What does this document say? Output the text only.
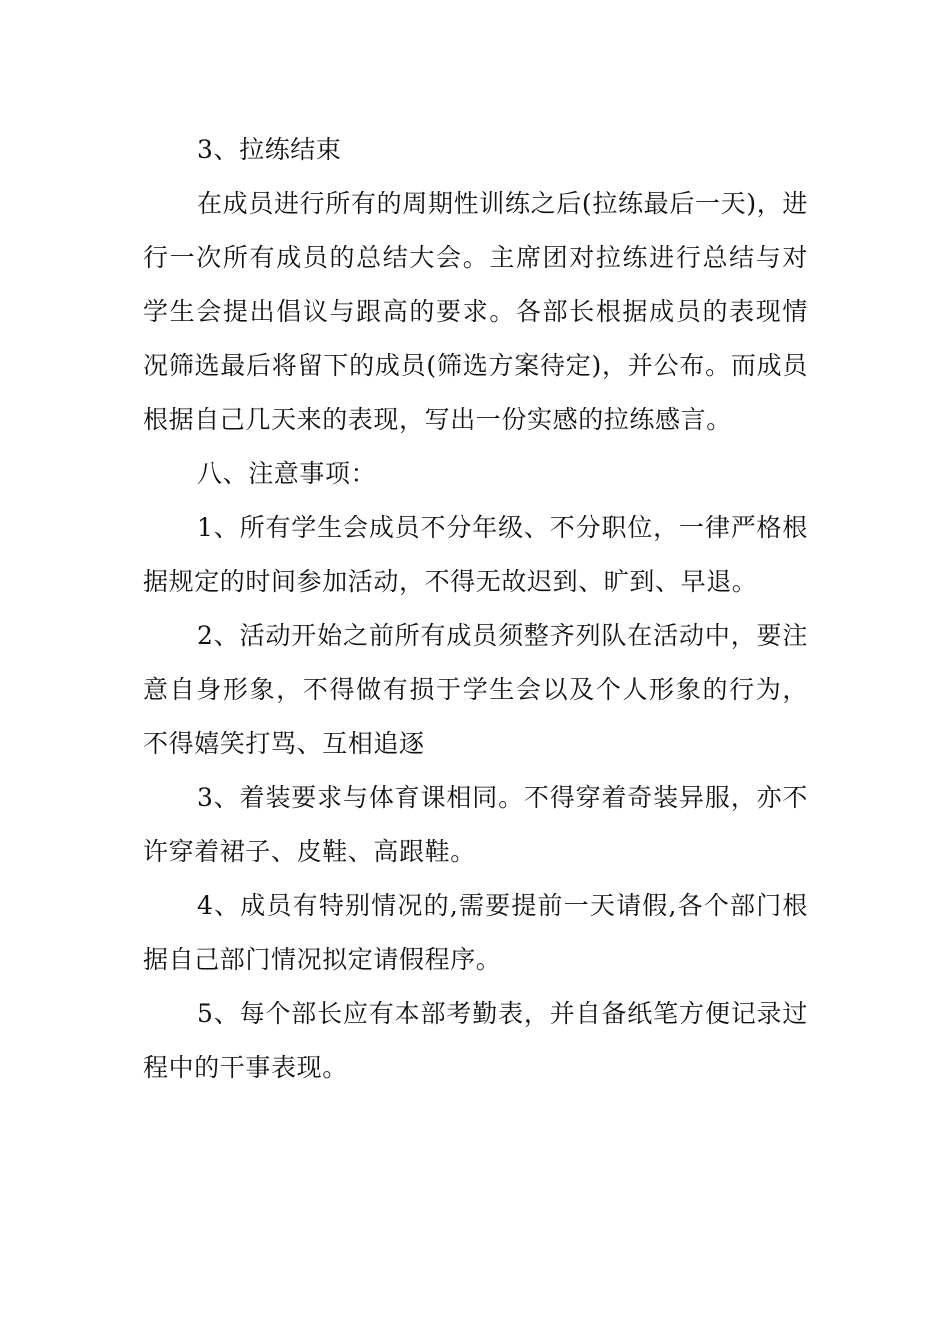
3、拉练结束

在成员进行所有的周期性训练之后(拉练最后一天)，进行一次所有成员的总结大会。主席团对拉练进行总结与对学生会提出倡议与跟高的要求。各部长根据成员的表现情况筛选最后将留下的成员(筛选方案待定)，并公布。而成员根据自己几天来的表现，写出一份实感的拉练感言。

八、注意事项：

1、所有学生会成员不分年级、不分职位，一律严格根据规定的时间参加活动，不得无故迟到、旷到、早退。

2、活动开始之前所有成员须整齐列队在活动中，要注意自身形象，不得做有损于学生会以及个人形象的行为，不得嬉笑打骂、互相追逐

3、着装要求与体育课相同。不得穿着奇装异服，亦不许穿着裙子、皮鞋、高跟鞋。

4、成员有特别情况的,需要提前一天请假,各个部门根据自己部门情况拟定请假程序。

5、每个部长应有本部考勤表，并自备纸笔方便记录过程中的干事表现。
